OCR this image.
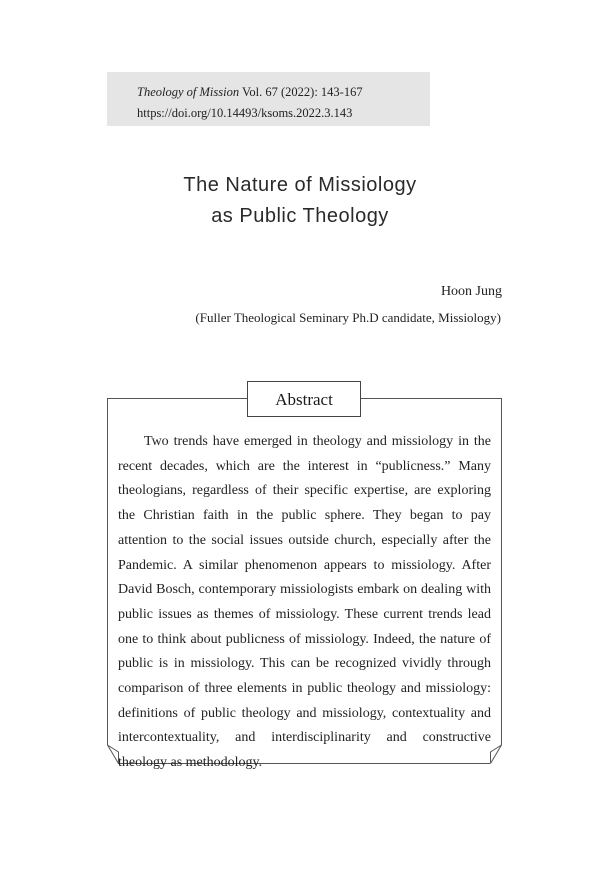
Theology of Mission Vol. 67 (2022): 143-167
https://doi.org/10.14493/ksoms.2022.3.143
The Nature of Missiology
as Public Theology
Hoon Jung
(Fuller Theological Seminary Ph.D candidate, Missiology)
Abstract

Two trends have emerged in theology and missiology in the recent decades, which are the interest in “publicness.” Many theologians, regardless of their specific expertise, are exploring the Christian faith in the public sphere. They began to pay attention to the social issues outside church, especially after the Pandemic. A similar phenomenon appears to missiology. After David Bosch, contemporary missiologists embark on dealing with public issues as themes of missiology. These current trends lead one to think about publicness of missiology. Indeed, the nature of public is in missiology. This can be recognized vividly through comparison of three elements in public theology and missiology: definitions of public theology and missiology, contextuality and intercontextuality, and interdisciplinarity and constructive theology as methodology.
